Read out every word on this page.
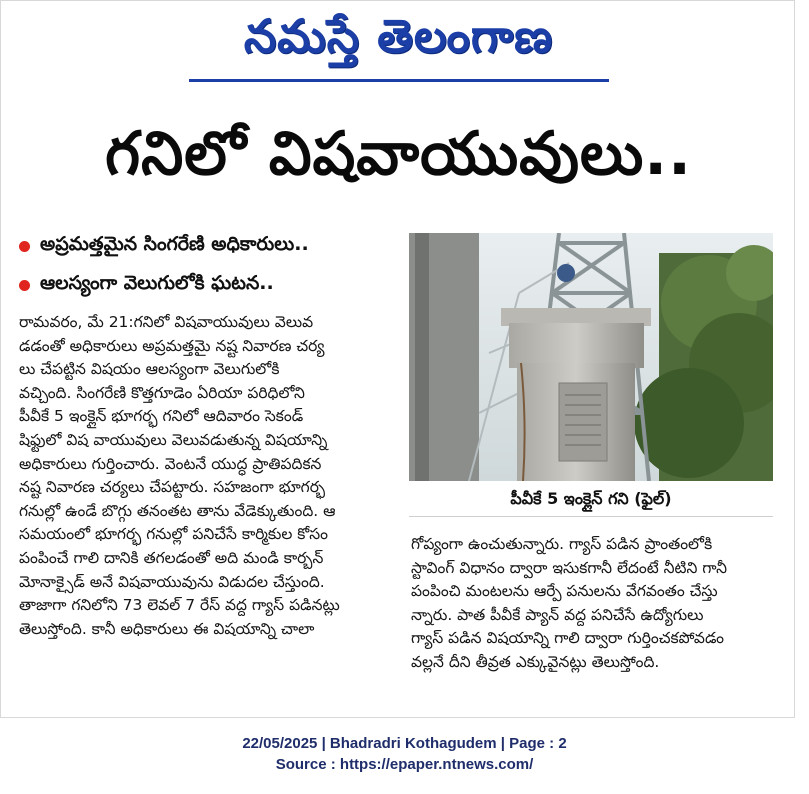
నమస్తే తెలంగాణ
గనిలో విషవాయువులు..
అప్రమత్తమైన సింగరేణి అధికారులు..
ఆలస్యంగా వెలుగులోకి ఘటన..
రామవరం, మే 21:గనిలో విషవాయువులు వెలువ
డడంతో అధికారులు అప్రమత్తమై నష్ట నివారణ చర్య
లు చేపట్టిన విషయం ఆలస్యంగా వెలుగులోకి
వచ్చింది. సింగరేణి కొత్తగూడెం ఏరియా పరిధిలోని
పీవీకే 5 ఇంక్లైన్ భూగర్భ గనిలో ఆదివారం సెకండ్
షిఫ్టులో విష వాయువులు వెలువడుతున్న విషయాన్ని
అధికారులు గుర్తించారు. వెంటనే యుద్ధ ప్రాతిపదికన
నష్ట నివారణ చర్యలు చేపట్టారు. సహజంగా భూగర్భ
గనుల్లో ఉండే బొగ్గు తనంతట తాను వేడెక్కుతుంది. ఆ
సమయంలో భూగర్భ గనుల్లో పనిచేసే కార్మికుల కోసం
పంపించే గాలి దానికి తగలడంతో అది మండి కార్బన్
మోనాక్సైడ్ అనే విషవాయువును విడుదల చేస్తుంది.
తాజాగా గనిలోని 73 లెవల్ 7 రేస్ వద్ద గ్యాస్ పడినట్లు
తెలుస్తోంది. కానీ అధికారులు ఈ విషయాన్ని చాలా
పీవీకే 5 ఇంక్లైన్ గని (ఫైల్)
గోప్యంగా ఉంచుతున్నారు. గ్యాస్ పడిన ప్రాంతంలోకి
స్టావింగ్ విధానం ద్వారా ఇసుకగానీ లేదంటే నీటిని గానీ
పంపించి మంటలను ఆర్పే పనులను వేగవంతం చేస్తు
న్నారు. పాత పీవీకే ప్యాన్ వద్ద పనిచేసే ఉద్యోగులు
గ్యాస్ పడిన విషయాన్ని గాలి ద్వారా గుర్తించకపోవడం
వల్లనే దీని తీవ్రత ఎక్కువైనట్లు తెలుస్తోంది.
22/05/2025 | Bhadradri Kothagudem | Page : 2
Source : https://epaper.ntnews.com/
